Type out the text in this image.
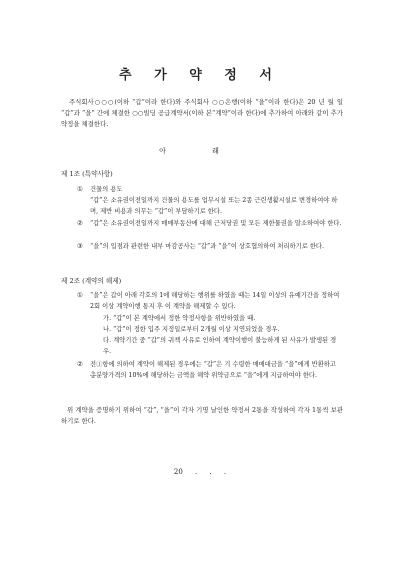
추 가 약 정 서
주식회사○○○(이하 “갑”이라 한다)와 주식회사 ○○은행(이하 “을”이라 한다)은 20 년 월 일 “갑”과 “을” 간에 체결한 ○○빌딩 공급계약서(이하 본“계약”이라 한다)에 추가하여 아래와 같이 추가약정을 체결한다.
아 래
제 1조 (특약사항)
① 건물의 용도
“갑”은 소유권이전일까지 건물의 용도를 업무시설 또는 2종 근린생활시설로 변경하여야 하며, 제반 비용과 의무는 “갑”이 부담하기로 한다.
② “갑”은 소유권이전일까지 매매부동산에 대해 근저당권 및 모든 제한물권을 말소하여야 한다.
③ “을”의 입점과 관련한 내부 마감공사는 “갑”과 “을”이 상호협의하여 처리하기로 한다.
제 2조 (계약의 해제)
① “을”은 갑이 아래 각호의 1에 해당하는 행위를 하였을 때는 14일 이상의 유예기간을 정하여 2회 이상 계약이행 통지 후 이 계약을 해제할 수 있다.
가. “갑”이 본 계약에서 정한 약정사항을 위반하였을 때.
나. “갑”이 정한 입주 지정일로부터 2개월 이상 지연되었을 경우.
다. 계약기간 중 “갑”의 귀책 사유로 인하여 계약이행이 불능하게 된 사유가 발생된 경우.
② 전①항에 의하여 계약이 해제된 경우에는 “갑”은 기 수령한 매매대금을 “을”에게 반환하고 총분양가격의 10%에 해당하는 금액을 해약 위약금으로 “을”에게 지급하여야 한다.
위 계약을 증명하기 위하여 “갑”, “을”이 각자 기명 날인한 약정서 2통을 작성하여 각자 1통씩 보관하기로 한다.
20 . . .
